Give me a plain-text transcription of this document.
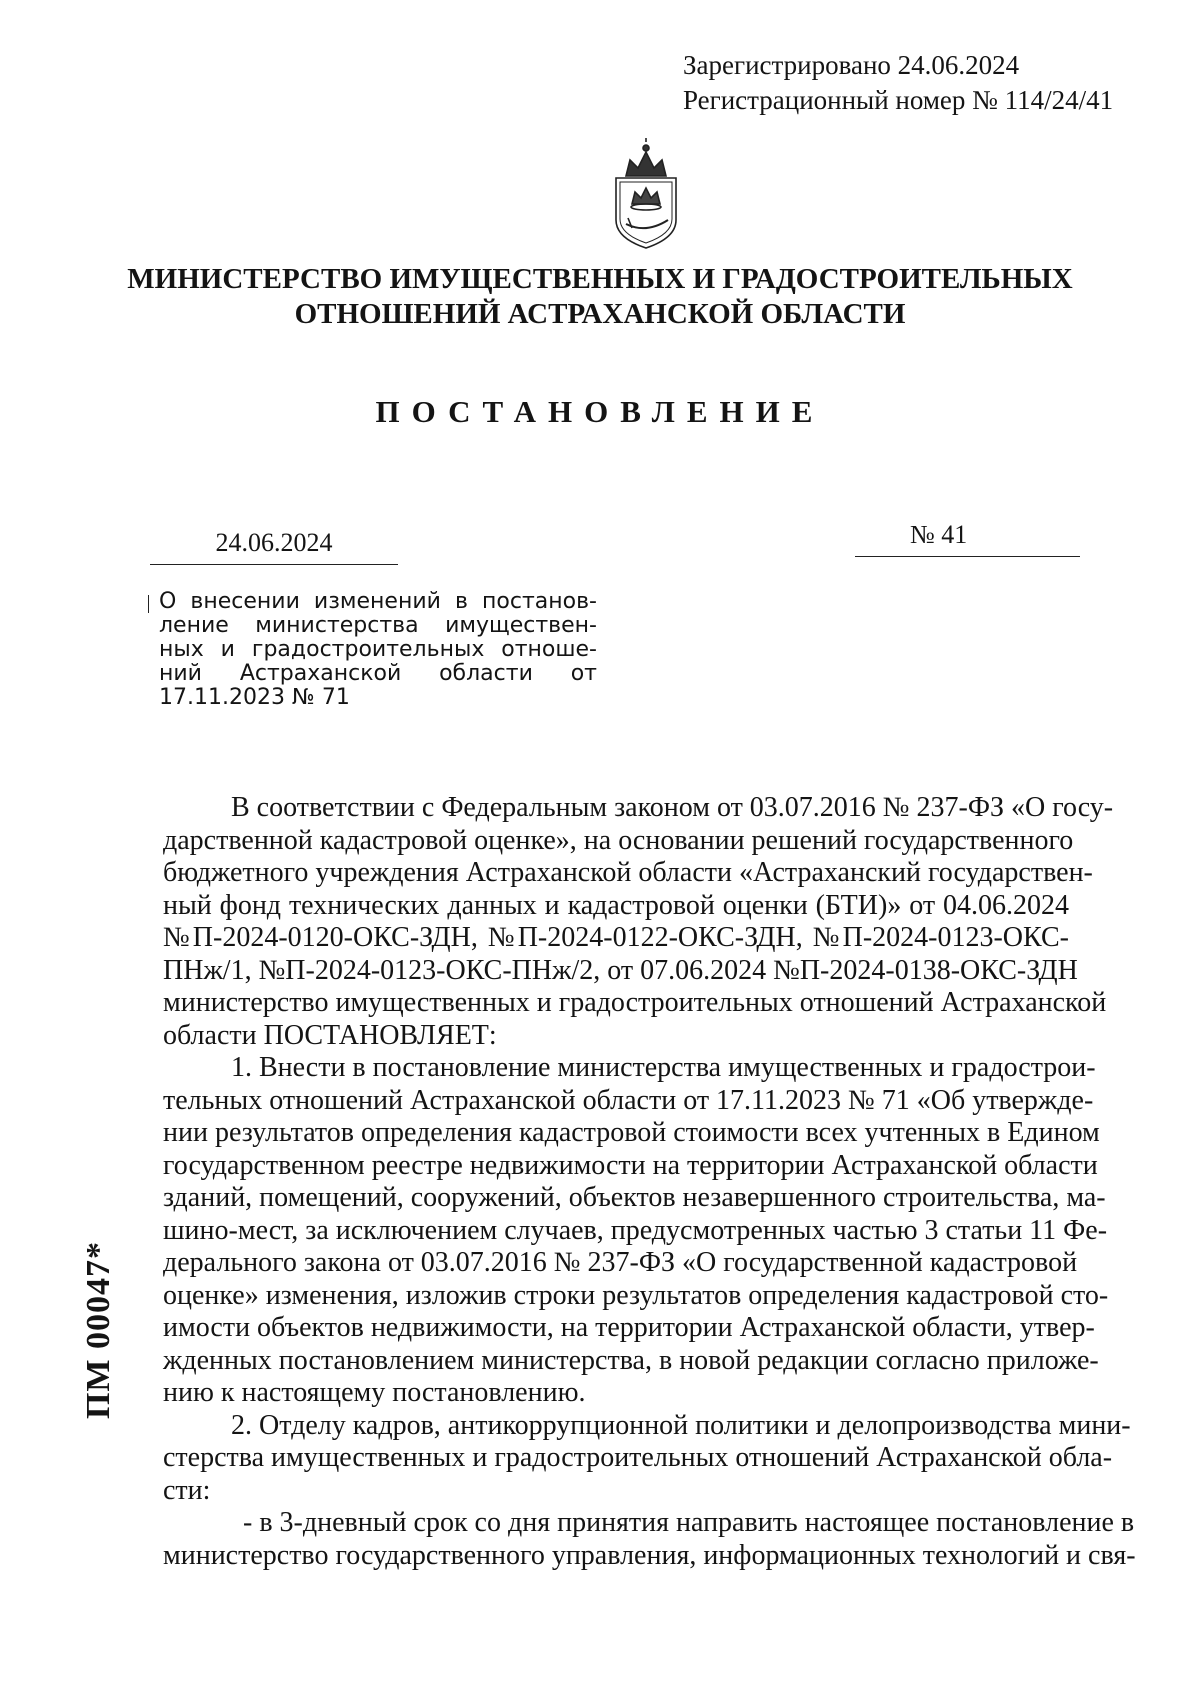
Зарегистрировано 24.06.2024
Регистрационный номер № 114/24/41
МИНИСТЕРСТВО ИМУЩЕСТВЕННЫХ И ГРАДОСТРОИТЕЛЬНЫХ
ОТНОШЕНИЙ АСТРАХАНСКОЙ ОБЛАСТИ
ПОСТАНОВЛЕНИЕ
24.06.2024	№ 41
О внесении изменений в постанов-
ление министерства имуществен-
ных и градостроительных отноше-
ний Астраханской области от
17.11.2023 № 71
В соответствии с Федеральным законом от 03.07.2016 № 237-ФЗ «О госу-
дарственной кадастровой оценке», на основании решений государственного
бюджетного учреждения Астраханской области «Астраханский государствен-
ный фонд технических данных и кадастровой оценки (БТИ)» от 04.06.2024
№П-2024-0120-ОКС-ЗДН, №П-2024-0122-ОКС-ЗДН, №П-2024-0123-ОКС-
ПНж/1, №П-2024-0123-ОКС-ПНж/2, от 07.06.2024 №П-2024-0138-ОКС-ЗДН
министерство имущественных и градостроительных отношений Астраханской
области ПОСТАНОВЛЯЕТ:
1. Внести в постановление министерства имущественных и градострои-
тельных отношений Астраханской области от 17.11.2023 № 71 «Об утвержде-
нии результатов определения кадастровой стоимости всех учтенных в Едином
государственном реестре недвижимости на территории Астраханской области
зданий, помещений, сооружений, объектов незавершенного строительства, ма-
шино-мест, за исключением случаев, предусмотренных частью 3 статьи 11 Фе-
дерального закона от 03.07.2016 № 237-ФЗ «О государственной кадастровой
оценке» изменения, изложив строки результатов определения кадастровой сто-
имости объектов недвижимости, на территории Астраханской области, утвер-
жденных постановлением министерства, в новой редакции согласно приложе-
нию к настоящему постановлению.
2. Отделу кадров, антикоррупционной политики и делопроизводства мини-
стерства имущественных и градостроительных отношений Астраханской обла-
сти:
- в 3-дневный срок со дня принятия направить настоящее постановление в
министерство государственного управления, информационных технологий и свя-
ПМ 00047*
